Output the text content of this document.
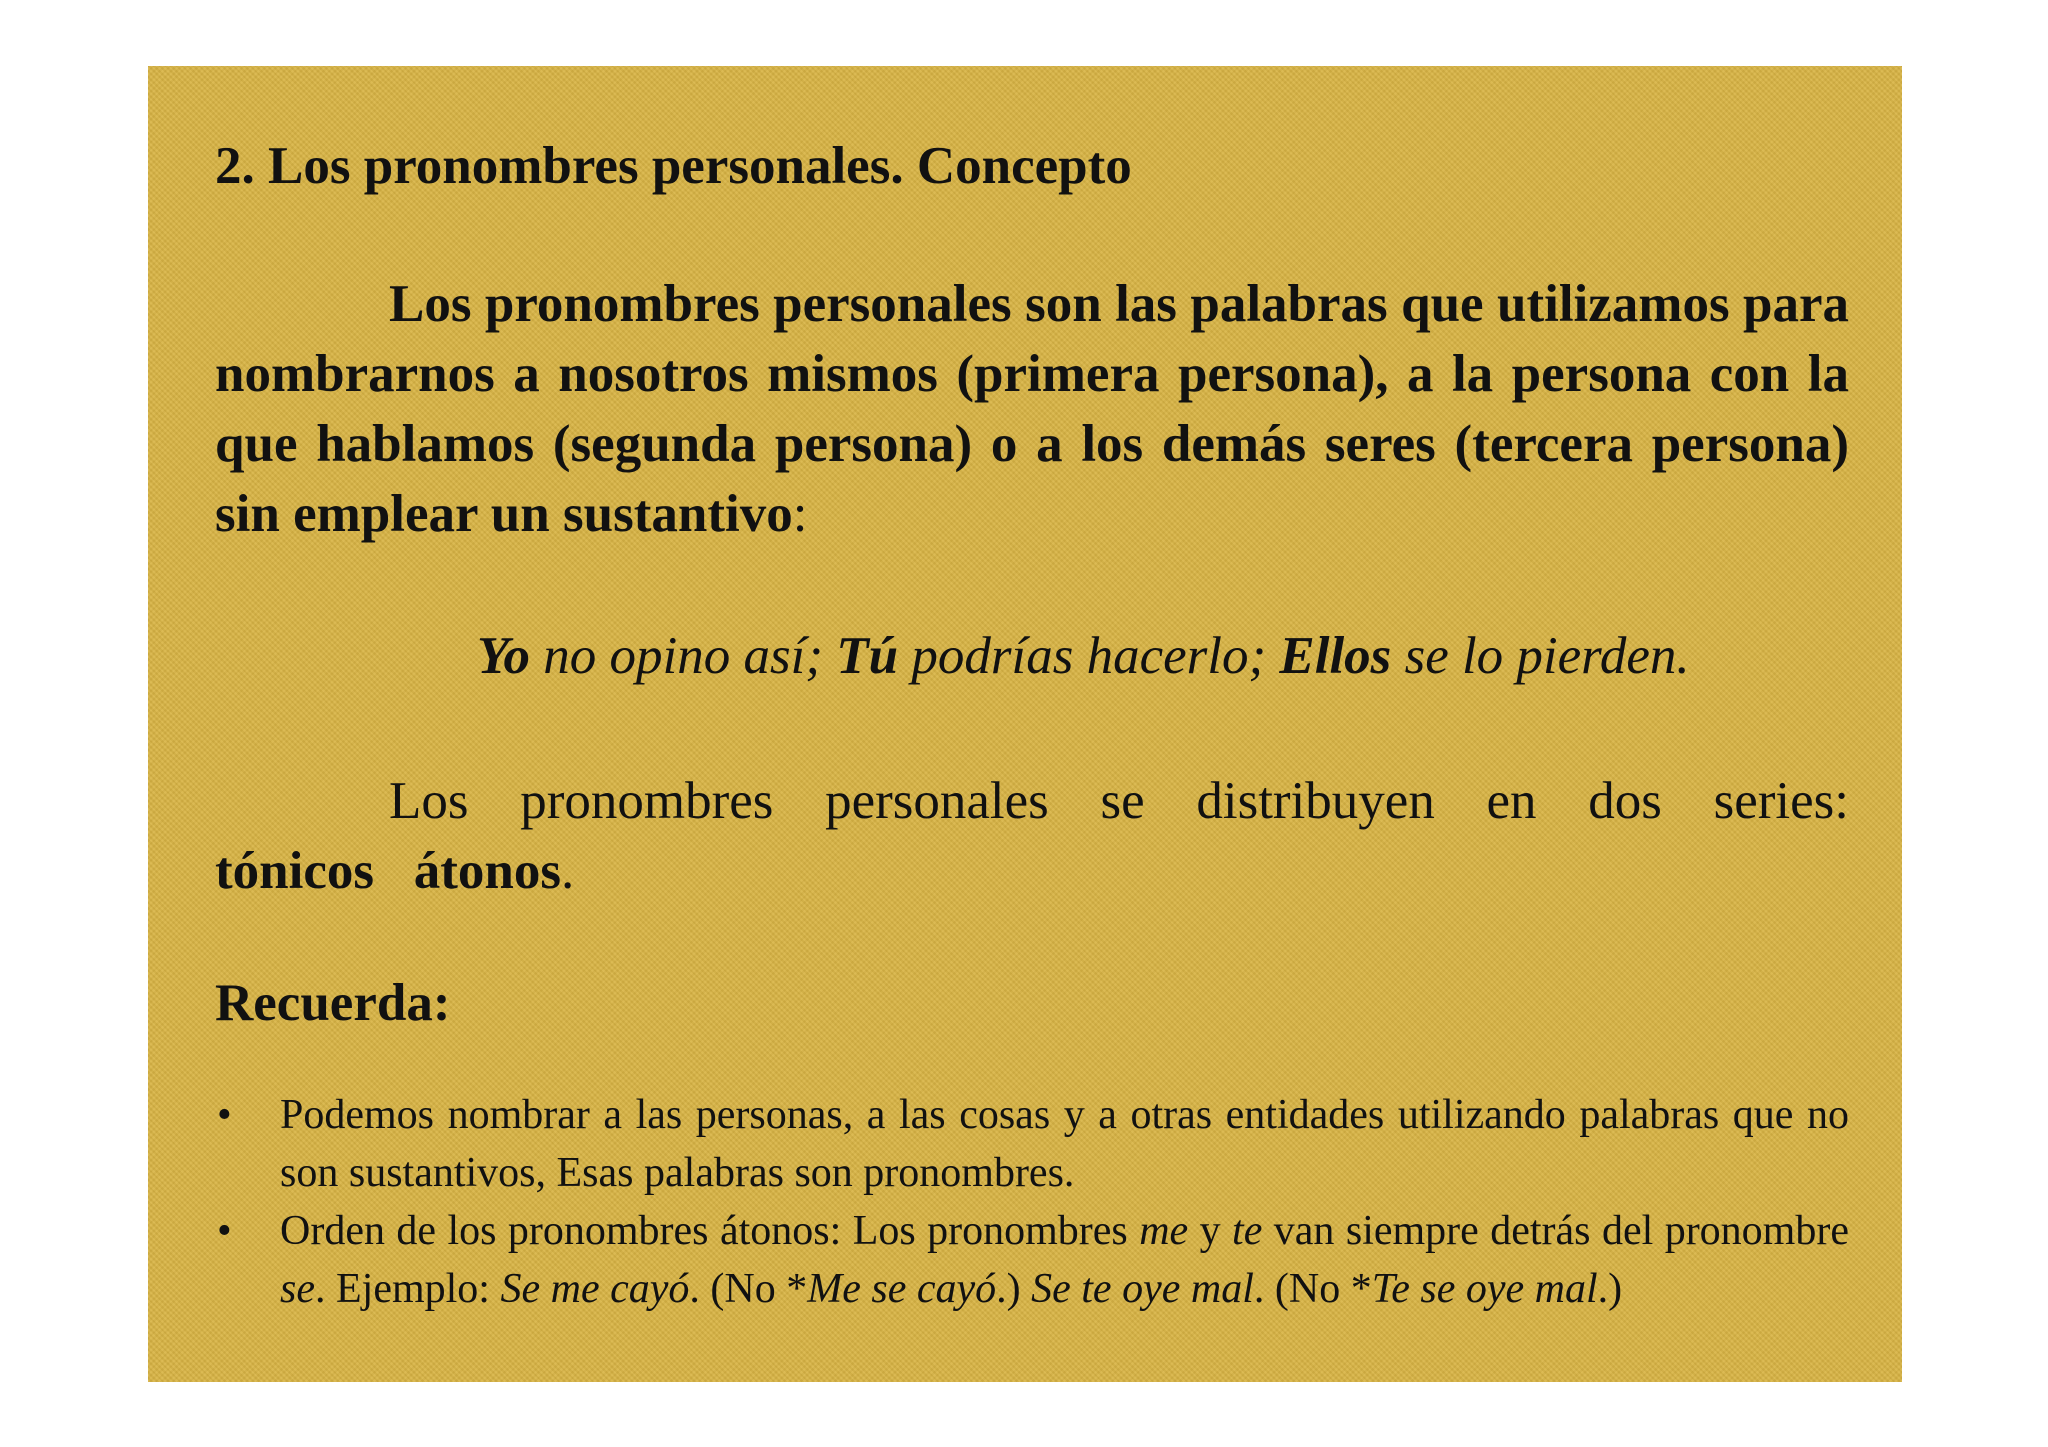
2. Los pronombres personales. Concepto

Los pronombres personales son las palabras que utilizamos para nombrarnos a nosotros mismos (primera persona), a la persona con la que hablamos (segunda persona) o a los demás seres (tercera persona) sin emplear un sustantivo:

Yo no opino así; Tú podrías hacerlo; Ellos se lo pierden.

Los pronombres personales se distribuyen en dos series: tónicos   átonos.

Recuerda:
• Podemos nombrar a las personas, a las cosas y a otras entidades utilizando palabras que no son sustantivos, Esas palabras son pronombres.
• Orden de los pronombres átonos: Los pronombres me y te van siempre detrás del pronombre se. Ejemplo: Se me cayó. (No *Me se cayó.) Se te oye mal. (No *Te se oye mal.)
